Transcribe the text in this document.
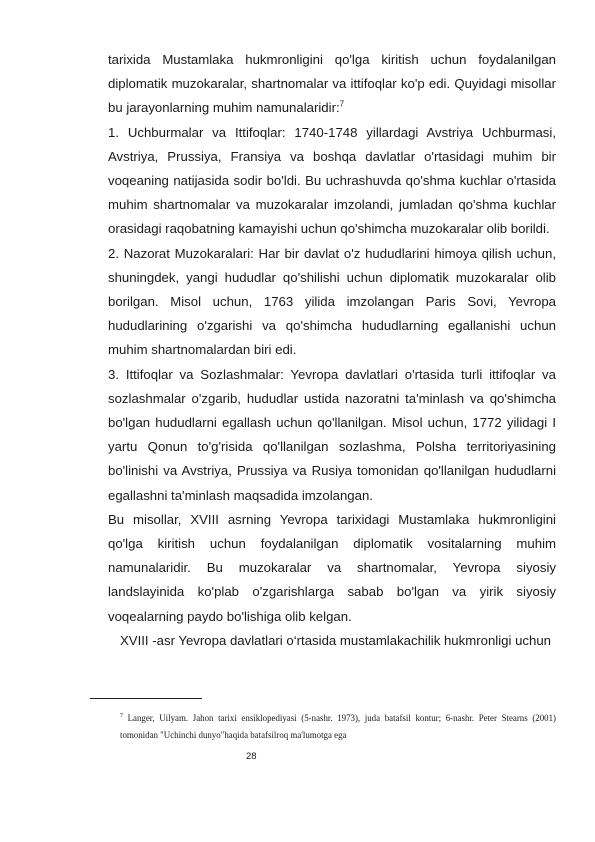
tarixida Mustamlaka hukmronligini qo'lga kiritish uchun foydalanilgan diplomatik muzokaralar, shartnomalar va ittifoqlar ko'p edi. Quyidagi misollar bu jarayonlarning muhim namunalaridir:$^7$

1. Uchburmalar va Ittifoqlar: 1740-1748 yillardagi Avstriya Uchburmasi, Avstriya, Prussiya, Fransiya va boshqa davlatlar o'rtasidagi muhim bir voqeaning natijasida sodir bo'ldi. Bu uchrashuvda qo'shma kuchlar o'rtasida muhim shartnomalar va muzokaralar imzolandi, jumladan qo'shma kuchlar orasidagi raqobatning kamayishi uchun qo'shimcha muzokaralar olib borildi.

2. Nazorat Muzokaralari: Har bir davlat o'z hududlarini himoya qilish uchun, shuningdek, yangi hududlar qo'shilishi uchun diplomatik muzokaralar olib borilgan. Misol uchun, 1763 yilida imzolangan Paris Sovi, Yevropa hududlarining o'zgarishi va qo'shimcha hududlarning egallanishi uchun muhim shartnomalardan biri edi.

3. Ittifoqlar va Sozlashmalar: Yevropa davlatlari o'rtasida turli ittifoqlar va sozlashmalar o'zgarib, hududlar ustida nazoratni ta'minlash va qo'shimcha bo'lgan hududlarni egallash uchun qo'llanilgan. Misol uchun, 1772 yilidagi I yartu Qonun to'g'risida qo'llanilgan sozlashma, Polsha territoriyasining bo'linishi va Avstriya, Prussiya va Rusiya tomonidan qo'llanilgan hududlarni egallashni ta'minlash maqsadida imzolangan.

Bu misollar, XVIII asrning Yevropa tarixidagi Mustamlaka hukmronligini qo'lga kiritish uchun foydalanilgan diplomatik vositalarning muhim namunalaridir. Bu muzokaralar va shartnomalar, Yevropa siyosiy landslayinida ko'plab o'zgarishlarga sabab bo'lgan va yirik siyosiy voqealarning paydo bo'lishiga olib kelgan.

XVIII -asr Yevropa davlatlari o‘rtasida mustamlakachilik hukmronligi uchun

$^7$ Langer, Uilyam. Jahon tarixi ensiklopediyasi (5-nashr. 1973), juda batafsil kontur; 6-nashr. Peter Stearns (2001) tomonidan "Uchinchi dunyo"haqida batafsilroq ma'lumotga ega

28
